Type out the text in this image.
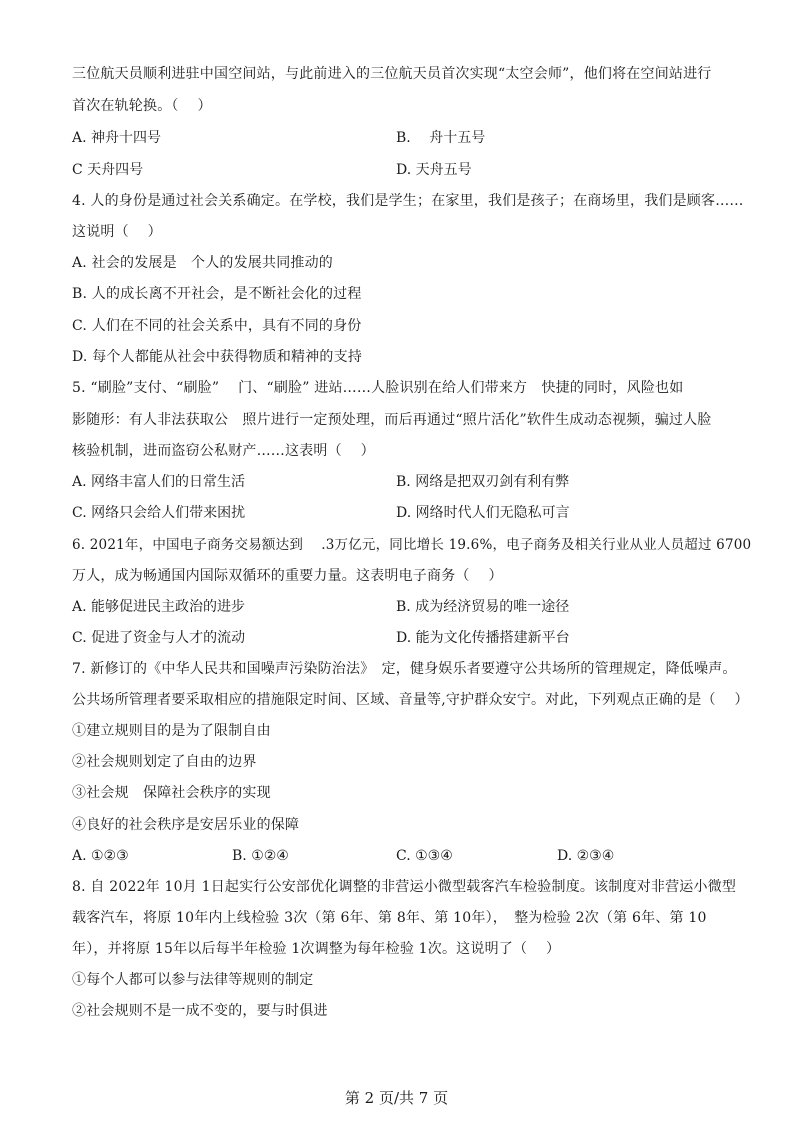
三位航天员顺利进驻中国空间站，与此前进入的三位航天员首次实现“太空会师”，他们将在空间站进行
首次在轨轮换。（　 ）
A. 神舟十四号	B.　 舟十五号
C 天舟四号	D. 天舟五号
4. 人的身份是通过社会关系确定。在学校，我们是学生；在家里，我们是孩子；在商场里，我们是顾客……
这说明（　 ）
A. 社会的发展是　个人的发展共同推动的
B. 人的成长离不开社会，是不断社会化的过程
C. 人们在不同的社会关系中，具有不同的身份
D. 每个人都能从社会中获得物质和精神的支持
5. “刷脸”支付、“刷脸”　 门、“刷脸” 进站……人脸识别在给人们带来方　快捷的同时，风险也如
影随形：有人非法获取公　照片进行一定预处理，而后再通过“照片活化”软件生成动态视频，骗过人脸
核验机制，进而盗窃公私财产……这表明（　 ）
A. 网络丰富人们的日常生活	B. 网络是把双刃剑有利有弊
C. 网络只会给人们带来困扰	D. 网络时代人们无隐私可言
6. 2021年，中国电子商务交易额达到　 .3万亿元，同比增长 19.6%，电子商务及相关行业从业人员超过 6700
万人，成为畅通国内国际双循环的重要力量。这表明电子商务（　 ）
A. 能够促进民主政治的进步	B. 成为经济贸易的唯一途径
C. 促进了资金与人才的流动	D. 能为文化传播搭建新平台
7. 新修订的《中华人民共和国噪声污染防治法》　定，健身娱乐者要遵守公共场所的管理规定，降低噪声。
公共场所管理者要采取相应的措施限定时间、区域、音量等,守护群众安宁。对此，下列观点正确的是（　 ）
①建立规则目的是为了限制自由
②社会规则划定了自由的边界
③社会规　保障社会秩序的实现
④良好的社会秩序是安居乐业的保障
A. ①②③	B. ①②④	C. ①③④	D. ②③④
8. 自 2022年 10月 1日起实行公安部优化调整的非营运小微型载客汽车检验制度。该制度对非营运小微型
载客汽车，将原 10年内上线检验 3次（第 6年、第 8年、第 10年），　整为检验 2次（第 6年、第 10
年），并将原 15年以后每半年检验 1次调整为每年检验 1次。这说明了（　 ）
①每个人都可以参与法律等规则的制定
②社会规则不是一成不变的，要与时俱进
第 2 页/共 7 页
